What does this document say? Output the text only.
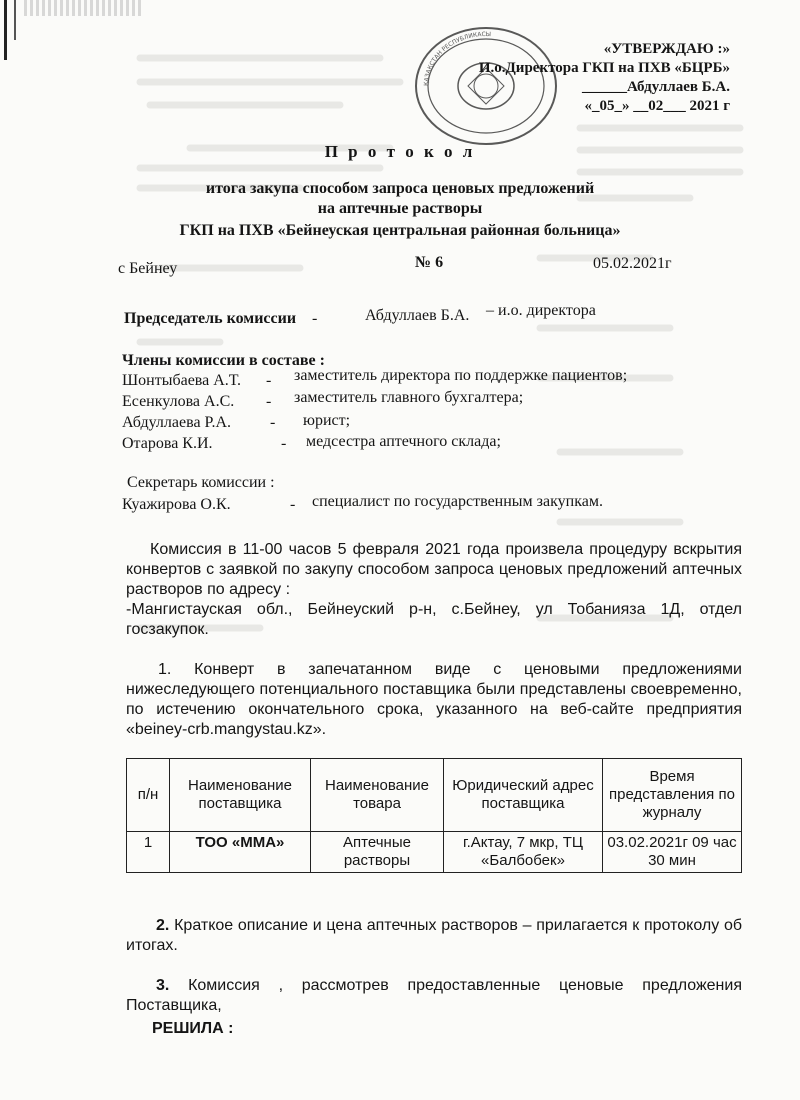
ҚАЗАҚСТАН РЕСПУБЛИКАСЫ
«УТВЕРЖДАЮ :»
И.о.Директора ГКП на ПХВ «БЦРБ»
______Абдуллаев Б.А.
«_05_» __02___ 2021 г
П р о т о к о л
итога закупа способом запроса ценовых предложений
на аптечные растворы
ГКП на ПХВ «Бейнеуская центральная районная больница»
с Бейнеу	№ 6	05.02.2021г
Председатель комиссии -	Абдуллаев Б.А. – и.о. директора
Члены комиссии в составе :
Шонтыбаева А.Т. - заместитель директора по поддержке пациентов;
Есенкулова А.С. - заместитель главного бухгалтера;
Абдуллаева Р.А. - юрист;
Отарова К.И.	- медсестра аптечного склада;
Секретарь комиссии :
Куажирова О.К.	- специалист по государственным закупкам.
Комиссия в 11-00 часов 5 февраля 2021 года произвела процедуру вскрытия конвертов с заявкой по закупу способом запроса ценовых предложений аптечных растворов по адресу :
-Мангистауская обл., Бейнеуский р-н, с.Бейнеу, ул Тобанияза 1Д, отдел госзакупок.
1. Конверт в запечатанном виде с ценовыми предложениями нижеследующего потенциального поставщика были представлены своевременно, по истечению окончательного срока, указанного на веб-сайте предприятия «beiney-crb.mangystau.kz».
п/н	Наименование поставщика	Наименование товара	Юридический адрес поставщика	Время представления по журналу
1	ТОО «ММА»	Аптечные растворы	г.Актау, 7 мкр, ТЦ «Балбобек»	03.02.2021г 09 час 30 мин
2. Краткое описание и цена аптечных растворов – прилагается к протоколу об итогах.
3. Комиссия , рассмотрев предоставленные ценовые предложения Поставщика,
РЕШИЛА :
